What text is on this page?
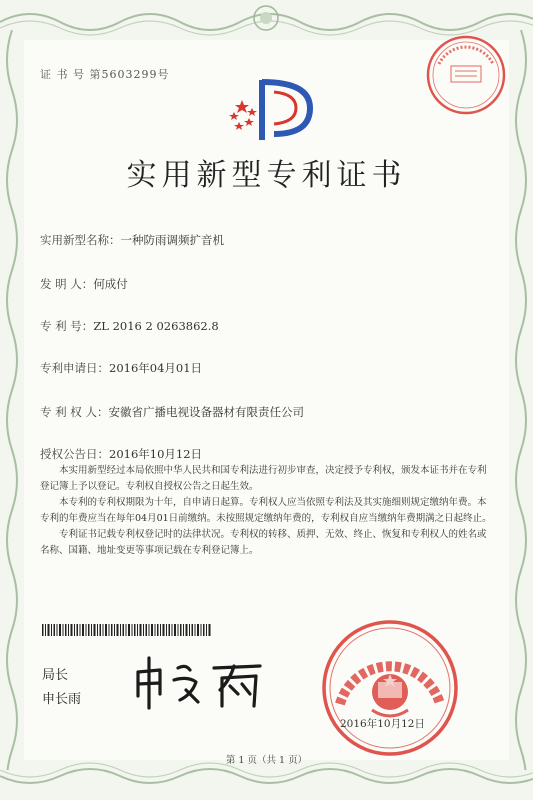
证 书 号 第5603299号
实用新型专利证书
实用新型名称：一种防雨调频扩音机
发 明 人：何成付
专 利 号：ZL 2016 2 0263862.8
专利申请日：2016年04月01日
专 利 权 人：安徽省广播电视设备器材有限责任公司
授权公告日：2016年10月12日

本实用新型经过本局依照中华人民共和国专利法进行初步审查，决定授予专利权，颁发本证书并在专利登记簿上予以登记。专利权自授权公告之日起生效。

本专利的专利权期限为十年，自申请日起算。专利权人应当依照专利法及其实施细则规定缴纳年费。本专利的年费应当在每年04月01日前缴纳。未按照规定缴纳年费的，专利权自应当缴纳年费期满之日起终止。

专利证书记载专利权登记时的法律状况。专利权的转移、质押、无效、终止、恢复和专利权人的姓名或名称、国籍、地址变更等事项记载在专利登记簿上。

局长
申长雨
2016年10月12日
第 1 页（共 1 页）
